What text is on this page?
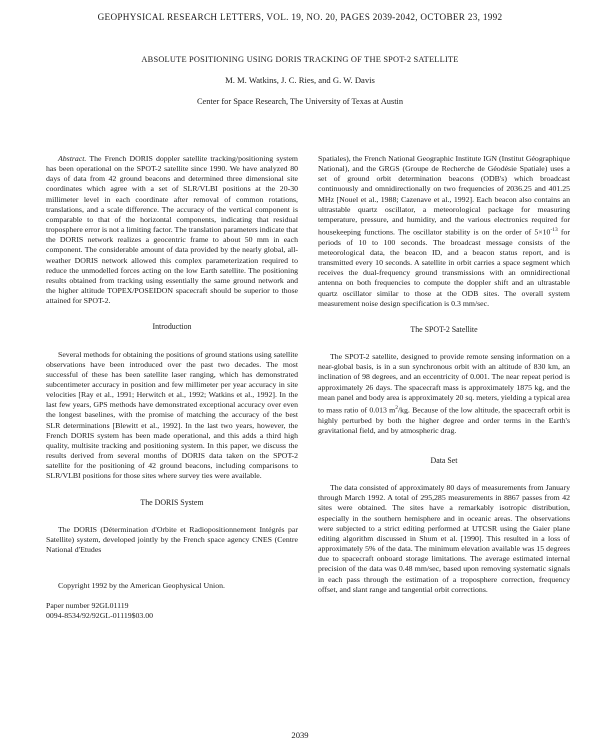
GEOPHYSICAL RESEARCH LETTERS, VOL. 19, NO. 20, PAGES 2039-2042, OCTOBER 23, 1992
ABSOLUTE POSITIONING USING DORIS TRACKING OF THE SPOT-2 SATELLITE
M. M. Watkins, J. C. Ries, and G. W. Davis
Center for Space Research, The University of Texas at Austin

Abstract. The French DORIS doppler satellite tracking/positioning system has been operational on the SPOT-2 satellite since 1990. We have analyzed 80 days of data from 42 ground beacons and determined three dimensional site coordinates which agree with a set of SLR/VLBI positions at the 20-30 millimeter level in each coordinate after removal of common rotations, translations, and a scale difference. The accuracy of the vertical component is comparable to that of the horizontal components, indicating that residual troposphere error is not a limiting factor. The translation parameters indicate that the DORIS network realizes a geocentric frame to about 50 mm in each component. The considerable amount of data provided by the nearly global, all-weather DORIS network allowed this complex parameterization required to reduce the unmodelled forces acting on the low Earth satellite. The positioning results obtained from tracking using essentially the same ground network and the higher altitude TOPEX/POSEIDON spacecraft should be superior to those attained for SPOT-2.

Introduction

Several methods for obtaining the positions of ground stations using satellite observations have been introduced over the past two decades. The most successful of these has been satellite laser ranging, which has demonstrated subcentimeter accuracy in position and few millimeter per year accuracy in site velocities [Ray et al., 1991; Herwitch et al., 1992; Watkins et al., 1992]. In the last few years, GPS methods have demonstrated exceptional accuracy over even the longest baselines, with the promise of matching the accuracy of the best SLR determinations [Blewitt et al., 1992]. In the last two years, however, the French DORIS system has been made operational, and this adds a third high quality, multisite tracking and positioning system. In this paper, we discuss the results derived from several months of DORIS data taken on the SPOT-2 satellite for the positioning of 42 ground beacons, including comparisons to SLR/VLBI positions for those sites where survey ties were available.

The DORIS System

The DORIS (Détermination d'Orbite et Radiopositionnement Intégrés par Satellite) system, developed jointly by the French space agency CNES (Centre National d'Etudes

Copyright 1992 by the American Geophysical Union.

Paper number 92GL01119

0094-8534/92/92GL-01119$03.00

Spatiales), the French National Geographic Institute IGN (Institut Géographique National), and the GRGS (Groupe de Recherche de Géodésie Spatiale) uses a set of ground orbit determination beacons (ODB's) which broadcast continuously and omnidirectionally on two frequencies of 2036.25 and 401.25 MHz [Nouel et al., 1988; Cazenave et al., 1992]. Each beacon also contains an ultrastable quartz oscillator, a meteorological package for measuring temperature, pressure, and humidity, and the various electronics required for housekeeping functions. The oscillator stability is on the order of $5\times 10^{-13}$ for periods of 10 to 100 seconds. The broadcast message consists of the meteorological data, the beacon ID, and a beacon status report, and is transmitted every 10 seconds. A satellite in orbit carries a space segment which receives the dual-frequency ground transmissions with an omnidirectional antenna on both frequencies to compute the doppler shift and an ultrastable quartz oscillator similar to those at the ODB sites. The overall system measurement noise design specification is 0.3 mm/sec.

The SPOT-2 Satellite

The SPOT-2 satellite, designed to provide remote sensing information on a near-global basis, is in a sun synchronous orbit with an altitude of 830 km, an inclination of 98 degrees, and an eccentricity of 0.001. The near repeat period is approximately 26 days. The spacecraft mass is approximately 1875 kg, and the mean panel and body area is approximately 20 sq. meters, yielding a typical area to mass ratio of 0.013 $m^2/kg$. Because of the low altitude, the spacecraft orbit is highly perturbed by both the higher degree and order terms in the Earth's gravitational field, and by atmospheric drag.

Data Set

The data consisted of approximately 80 days of measurements from January through March 1992. A total of 295,285 measurements in 8867 passes from 42 sites were obtained. The sites have a remarkably isotropic distribution, especially in the southern hemisphere and in oceanic areas. The observations were subjected to a strict editing performed at UTCSR using the Gaier plane editing algorithm discussed in Shum et al. [1990]. This resulted in a loss of approximately 5% of the data. The minimum elevation available was 15 degrees due to spacecraft onboard storage limitations. The average estimated internal precision of the data was 0.48 mm/sec, based upon removing systematic signals in each pass through the estimation of a troposphere correction, frequency offset, and slant range and tangential orbit corrections.

2039
